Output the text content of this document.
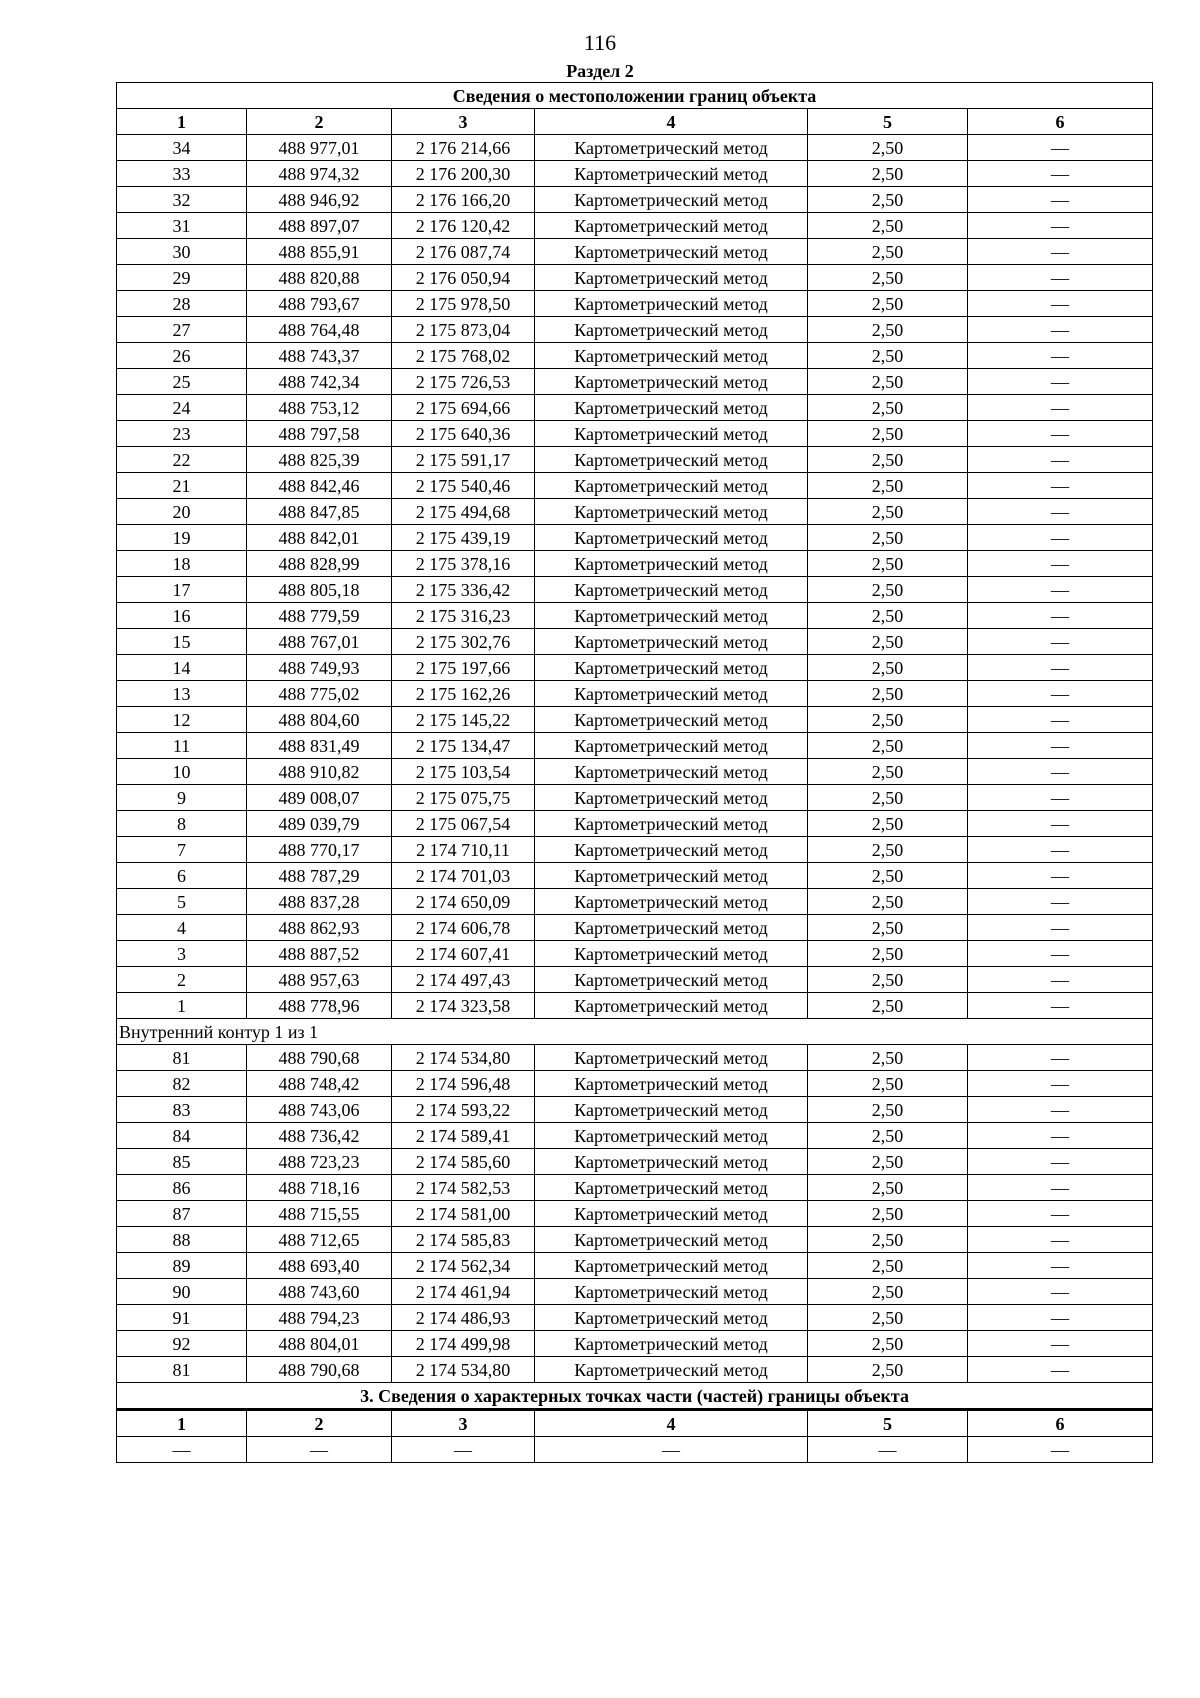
116
Раздел 2
Сведения о местоположении границ объекта					
1	2	3	4	5	6
34	488 977,01	2 176 214,66	Картометрический метод	2,50	—
33	488 974,32	2 176 200,30	Картометрический метод	2,50	—
32	488 946,92	2 176 166,20	Картометрический метод	2,50	—
31	488 897,07	2 176 120,42	Картометрический метод	2,50	—
30	488 855,91	2 176 087,74	Картометрический метод	2,50	—
29	488 820,88	2 176 050,94	Картометрический метод	2,50	—
28	488 793,67	2 175 978,50	Картометрический метод	2,50	—
27	488 764,48	2 175 873,04	Картометрический метод	2,50	—
26	488 743,37	2 175 768,02	Картометрический метод	2,50	—
25	488 742,34	2 175 726,53	Картометрический метод	2,50	—
24	488 753,12	2 175 694,66	Картометрический метод	2,50	—
23	488 797,58	2 175 640,36	Картометрический метод	2,50	—
22	488 825,39	2 175 591,17	Картометрический метод	2,50	—
21	488 842,46	2 175 540,46	Картометрический метод	2,50	—
20	488 847,85	2 175 494,68	Картометрический метод	2,50	—
19	488 842,01	2 175 439,19	Картометрический метод	2,50	—
18	488 828,99	2 175 378,16	Картометрический метод	2,50	—
17	488 805,18	2 175 336,42	Картометрический метод	2,50	—
16	488 779,59	2 175 316,23	Картометрический метод	2,50	—
15	488 767,01	2 175 302,76	Картометрический метод	2,50	—
14	488 749,93	2 175 197,66	Картометрический метод	2,50	—
13	488 775,02	2 175 162,26	Картометрический метод	2,50	—
12	488 804,60	2 175 145,22	Картометрический метод	2,50	—
11	488 831,49	2 175 134,47	Картометрический метод	2,50	—
10	488 910,82	2 175 103,54	Картометрический метод	2,50	—
9	489 008,07	2 175 075,75	Картометрический метод	2,50	—
8	489 039,79	2 175 067,54	Картометрический метод	2,50	—
7	488 770,17	2 174 710,11	Картометрический метод	2,50	—
6	488 787,29	2 174 701,03	Картометрический метод	2,50	—
5	488 837,28	2 174 650,09	Картометрический метод	2,50	—
4	488 862,93	2 174 606,78	Картометрический метод	2,50	—
3	488 887,52	2 174 607,41	Картометрический метод	2,50	—
2	488 957,63	2 174 497,43	Картометрический метод	2,50	—
1	488 778,96	2 174 323,58	Картометрический метод	2,50	—
Внутренний контур 1 из 1					
81	488 790,68	2 174 534,80	Картометрический метод	2,50	—
82	488 748,42	2 174 596,48	Картометрический метод	2,50	—
83	488 743,06	2 174 593,22	Картометрический метод	2,50	—
84	488 736,42	2 174 589,41	Картометрический метод	2,50	—
85	488 723,23	2 174 585,60	Картометрический метод	2,50	—
86	488 718,16	2 174 582,53	Картометрический метод	2,50	—
87	488 715,55	2 174 581,00	Картометрический метод	2,50	—
88	488 712,65	2 174 585,83	Картометрический метод	2,50	—
89	488 693,40	2 174 562,34	Картометрический метод	2,50	—
90	488 743,60	2 174 461,94	Картометрический метод	2,50	—
91	488 794,23	2 174 486,93	Картометрический метод	2,50	—
92	488 804,01	2 174 499,98	Картометрический метод	2,50	—
81	488 790,68	2 174 534,80	Картометрический метод	2,50	—
3. Сведения о характерных точках части (частей) границы объекта					
1	2	3	4	5	6
—	—	—	—	—	—
